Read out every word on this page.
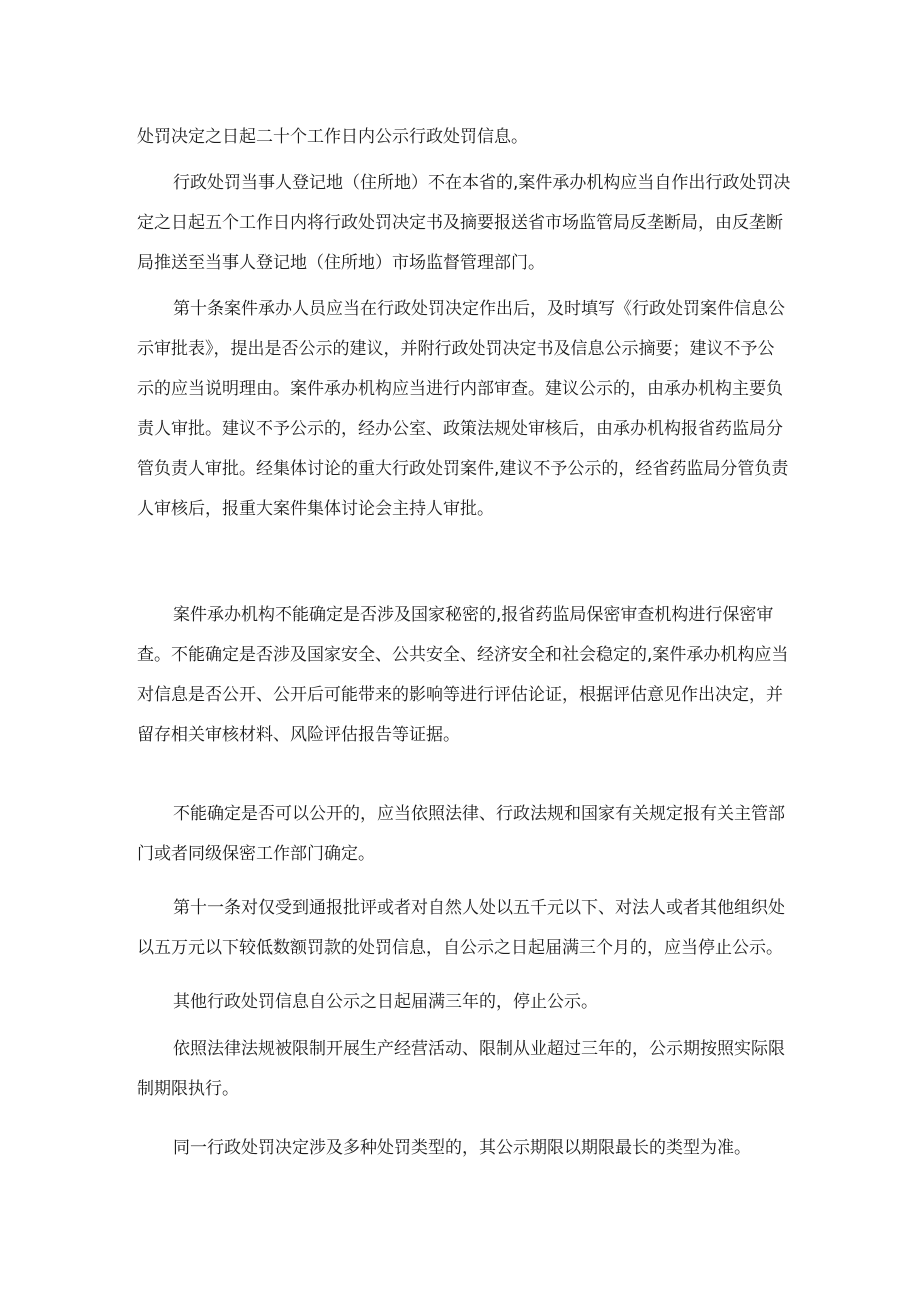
处罚决定之日起二十个工作日内公示行政处罚信息。
行政处罚当事人登记地（住所地）不在本省的,案件承办机构应当自作出行政处罚决
定之日起五个工作日内将行政处罚决定书及摘要报送省市场监管局反垄断局，由反垄断
局推送至当事人登记地（住所地）市场监督管理部门。
第十条案件承办人员应当在行政处罚决定作出后，及时填写《行政处罚案件信息公
示审批表》，提出是否公示的建议，并附行政处罚决定书及信息公示摘要；建议不予公
示的应当说明理由。案件承办机构应当进行内部审查。建议公示的，由承办机构主要负
责人审批。建议不予公示的，经办公室、政策法规处审核后，由承办机构报省药监局分
管负责人审批。经集体讨论的重大行政处罚案件,建议不予公示的，经省药监局分管负责
人审核后，报重大案件集体讨论会主持人审批。
案件承办机构不能确定是否涉及国家秘密的,报省药监局保密审查机构进行保密审
查。不能确定是否涉及国家安全、公共安全、经济安全和社会稳定的,案件承办机构应当
对信息是否公开、公开后可能带来的影响等进行评估论证，根据评估意见作出决定，并
留存相关审核材料、风险评估报告等证据。
不能确定是否可以公开的，应当依照法律、行政法规和国家有关规定报有关主管部
门或者同级保密工作部门确定。
第十一条对仅受到通报批评或者对自然人处以五千元以下、对法人或者其他组织处
以五万元以下较低数额罚款的处罚信息，自公示之日起届满三个月的，应当停止公示。
其他行政处罚信息自公示之日起届满三年的，停止公示。
依照法律法规被限制开展生产经营活动、限制从业超过三年的，公示期按照实际限
制期限执行。
同一行政处罚决定涉及多种处罚类型的，其公示期限以期限最长的类型为准。
